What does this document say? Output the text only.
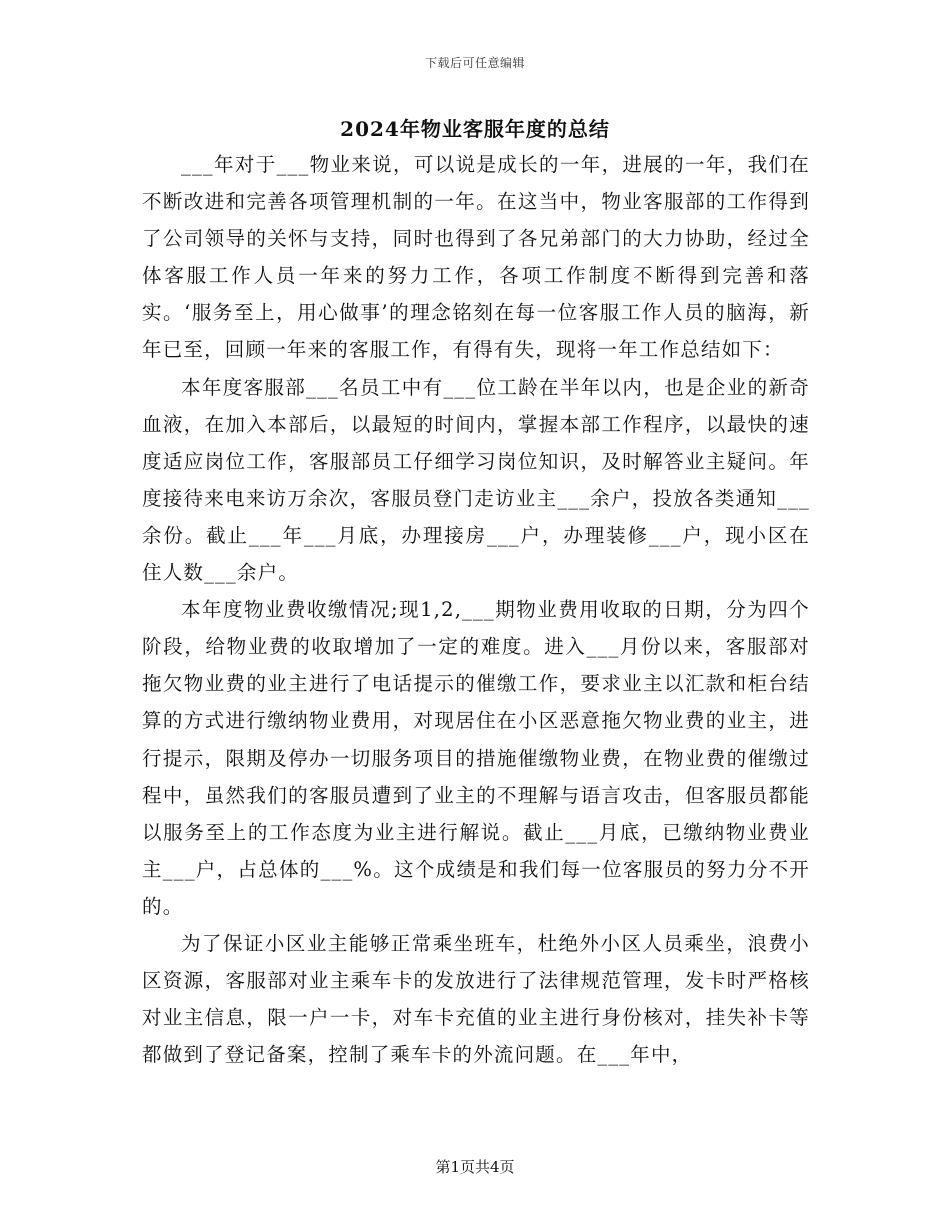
下载后可任意编辑
2024年物业客服年度的总结

___年对于___物业来说，可以说是成长的一年，进展的一年，我们在不断改进和完善各项管理机制的一年。在这当中，物业客服部的工作得到了公司领导的关怀与支持，同时也得到了各兄弟部门的大力协助，经过全体客服工作人员一年来的努力工作，各项工作制度不断得到完善和落实。‘服务至上，用心做事’的理念铭刻在每一位客服工作人员的脑海，新年已至，回顾一年来的客服工作，有得有失，现将一年工作总结如下：

本年度客服部___名员工中有___位工龄在半年以内，也是企业的新奇血液，在加入本部后，以最短的时间内，掌握本部工作程序，以最快的速度适应岗位工作，客服部员工仔细学习岗位知识，及时解答业主疑问。年度接待来电来访万余次，客服员登门走访业主___余户，投放各类通知___余份。截止___年___月底，办理接房___户，办理装修___户，现小区在住人数___余户。

本年度物业费收缴情况;现1,2,___期物业费用收取的日期，分为四个阶段，给物业费的收取增加了一定的难度。进入___月份以来，客服部对拖欠物业费的业主进行了电话提示的催缴工作，要求业主以汇款和柜台结算的方式进行缴纳物业费用，对现居住在小区恶意拖欠物业费的业主，进行提示，限期及停办一切服务项目的措施催缴物业费，在物业费的催缴过程中，虽然我们的客服员遭到了业主的不理解与语言攻击，但客服员都能以服务至上的工作态度为业主进行解说。截止___月底，已缴纳物业费业主___户，占总体的___%。这个成绩是和我们每一位客服员的努力分不开的。

为了保证小区业主能够正常乘坐班车，杜绝外小区人员乘坐，浪费小区资源，客服部对业主乘车卡的发放进行了法律规范管理，发卡时严格核对业主信息，限一户一卡，对车卡充值的业主进行身份核对，挂失补卡等都做到了登记备案，控制了乘车卡的外流问题。在___年中，

第1页共4页
